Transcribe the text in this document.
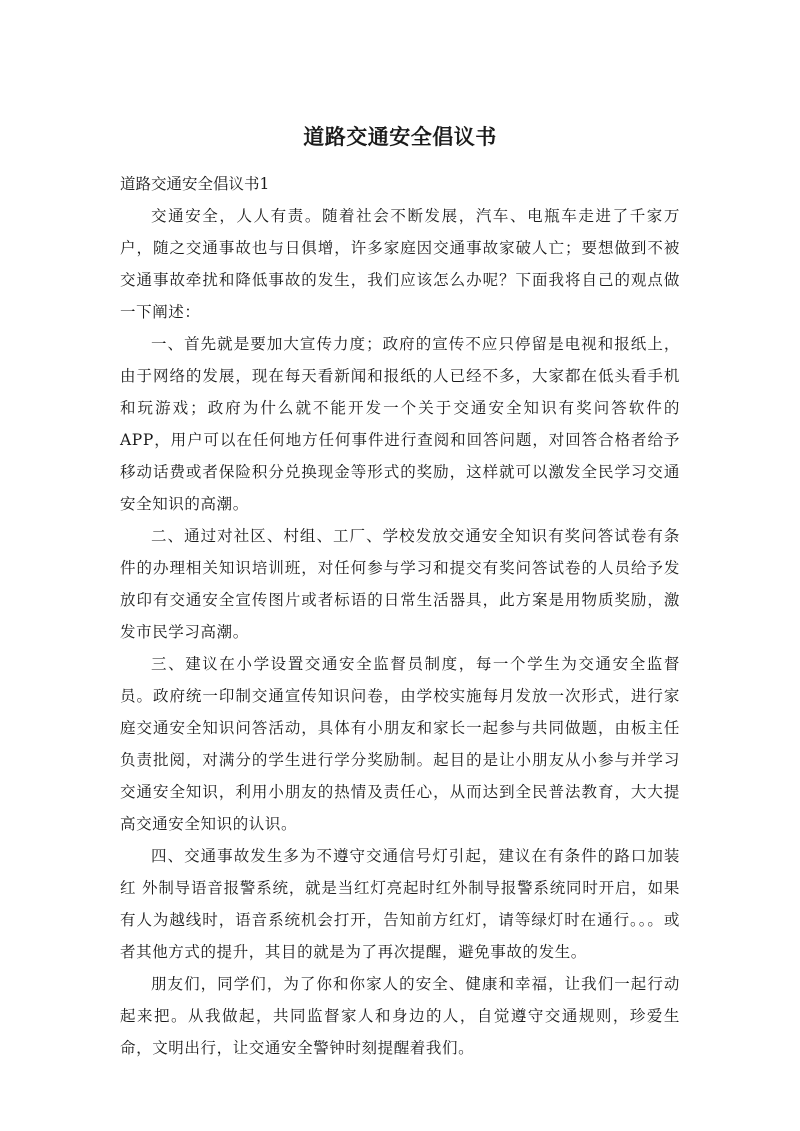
道路交通安全倡议书

道路交通安全倡议书1

交通安全，人人有责。随着社会不断发展，汽车、电瓶车走进了千家万户，随之交通事故也与日俱增，许多家庭因交通事故家破人亡；要想做到不被交通事故牵扰和降低事故的发生，我们应该怎么办呢？下面我将自己的观点做一下阐述：

一、首先就是要加大宣传力度；政府的宣传不应只停留是电视和报纸上，由于网络的发展，现在每天看新闻和报纸的人已经不多，大家都在低头看手机和玩游戏；政府为什么就不能开发一个关于交通安全知识有奖问答软件的APP，用户可以在任何地方任何事件进行查阅和回答问题，对回答合格者给予移动话费或者保险积分兑换现金等形式的奖励，这样就可以激发全民学习交通安全知识的高潮。

二、通过对社区、村组、工厂、学校发放交通安全知识有奖问答试卷有条件的办理相关知识培训班，对任何参与学习和提交有奖问答试卷的人员给予发放印有交通安全宣传图片或者标语的日常生活器具，此方案是用物质奖励，激发市民学习高潮。

三、建议在小学设置交通安全监督员制度，每一个学生为交通安全监督员。政府统一印制交通宣传知识问卷，由学校实施每月发放一次形式，进行家庭交通安全知识问答活动，具体有小朋友和家长一起参与共同做题，由板主任负责批阅，对满分的学生进行学分奖励制。起目的是让小朋友从小参与并学习交通安全知识，利用小朋友的热情及责任心，从而达到全民普法教育，大大提高交通安全知识的认识。

四、交通事故发生多为不遵守交通信号灯引起，建议在有条件的路口加装红 外制导语音报警系统，就是当红灯亮起时红外制导报警系统同时开启，如果有人为越线时，语音系统机会打开，告知前方红灯，请等绿灯时在通行。。。或者其他方式的提升，其目的就是为了再次提醒，避免事故的发生。

朋友们，同学们，为了你和你家人的安全、健康和幸福，让我们一起行动起来把。从我做起，共同监督家人和身边的人，自觉遵守交通规则，珍爱生命，文明出行，让交通安全警钟时刻提醒着我们。
